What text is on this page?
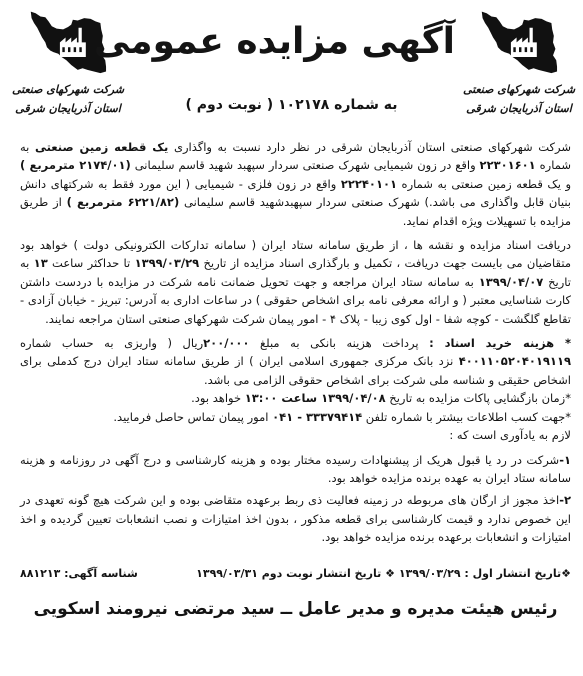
شرکت شهرکهای صنعتی
استان آذربایجان شرقی
شرکت شهرکهای صنعتی
استان آذربایجان شرقی
آگهی مزایده عمومی
به شماره ۱۰۲۱۷۸ ( نوبت دوم )

شرکت شهرکهای صنعتی استان آذربایجان شرقی در نظر دارد نسبت به واگذاری یک قطعه زمین صنعتی به شماره ۲۲۳۰۱۶۰۱ واقع در زون شیمیایی شهرک صنعتی سردار سپهبد شهید قاسم سلیمانی (۲۱۷۴/۰۱ مترمربع ) و یک قطعه زمین صنعتی به شماره ۲۲۲۴۰۱۰۱ واقع در زون فلزی - شیمیایی ( این مورد فقط به شرکتهای دانش بنیان قابل واگذاری می باشد.) شهرک صنعتی سردار سپهبدشهید قاسم سلیمانی (۶۲۲۱/۸۲ مترمربع ) از طریق مزایده با تسهیلات ویژه اقدام نماید.

دریافت اسناد مزایده و نقشه ها ، از طریق سامانه ستاد ایران ( سامانه تدارکات الکترونیکی دولت ) خواهد بود متقاضیان می بایست جهت دریافت ، تکمیل و بارگذاری اسناد مزایده از تاریخ ۱۳۹۹/۰۳/۲۹ تا حداکثر ساعت ۱۳ به تاریخ ۱۳۹۹/۰۴/۰۷ به سامانه ستاد ایران مراجعه و جهت تحویل ضمانت نامه شرکت در مزایده با دردست داشتن کارت شناسایی معتبر ( و ارائه معرفی نامه برای اشخاص حقوقی ) در ساعات اداری به آدرس: تبریز - خیابان آزادی - تقاطع گلگشت - کوچه شفا - اول کوی زیبا - پلاک ۴ - امور پیمان شرکت شهرکهای صنعتی استان مراجعه نمایند.

* هزینه خرید اسناد : پرداخت هزینه بانکی به مبلغ ۲۰۰/۰۰۰ریال ( واریزی به حساب شماره ۴۰۰۱۱۰۵۲۰۴۰۱۹۱۱۹ نزد بانک مرکزی جمهوری اسلامی ایران ) از طریق سامانه ستاد ایران درج کدملی برای اشخاص حقیقی و شناسه ملی شرکت برای اشخاص حقوقی الزامی می باشد.

*زمان بازگشایی پاکات مزایده به تاریخ ۱۳۹۹/۰۴/۰۸ ساعت ۱۳:۰۰ خواهد بود.

*جهت کسب اطلاعات بیشتر با شماره تلفن ۳۳۳۷۹۴۱۴ - ۰۴۱ امور پیمان تماس حاصل فرمایید.

لازم به یادآوری است که :

۱-شرکت در رد یا قبول هریک از پیشنهادات رسیده مختار بوده و هزینه کارشناسی و درج آگهی در روزنامه و هزینه سامانه ستاد ایران به عهده برنده مزایده خواهد بود.

۲-اخذ مجوز از ارگان های مربوطه در زمینه فعالیت ذی ربط برعهده متقاضی بوده و این شرکت هیچ گونه تعهدی در این خصوص ندارد و قیمت کارشناسی برای قطعه مذکور ، بدون اخذ امتیازات و نصب انشعابات تعیین گردیده و اخذ امتیازات و انشعابات برعهده برنده مزایده خواهد بود.

❖تاریخ انتشار اول : ۱۳۹۹/۰۳/۲۹ ❖ تاریخ انتشار نوبت دوم ۱۳۹۹/۰۳/۳۱
شناسه آگهی: ۸۸۱۲۱۳
رئیس هیئت مدیره و مدیر عامل ــ سید مرتضی نیرومند اسکویی
